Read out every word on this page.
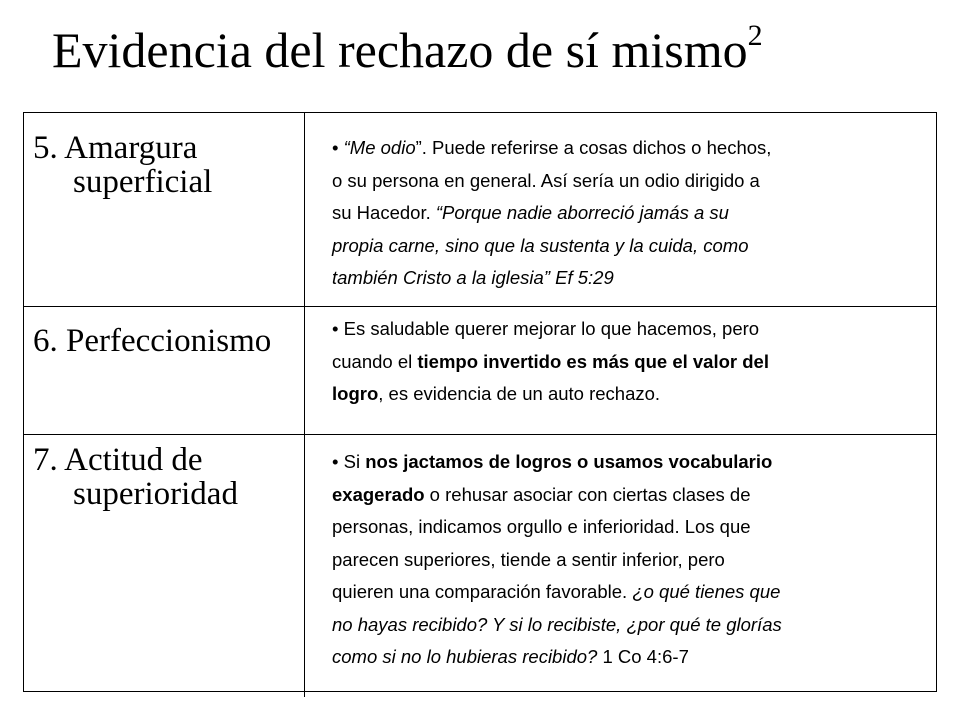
Evidencia del rechazo de sí mismo$^2$
5. Amargura
superficial
6. Perfeccionismo
7. Actitud de
superioridad
• “Me odio”. Puede referirse a cosas dichos o hechos,
o su persona en general. Así sería un odio dirigido a
su Hacedor. “Porque nadie aborreció jamás a su
propia carne, sino que la sustenta y la cuida, como
también Cristo a la iglesia” Ef 5:29
• Es saludable querer mejorar lo que hacemos, pero
cuando el tiempo invertido es más que el valor del
logro, es evidencia de un auto rechazo.
• Si nos jactamos de logros o usamos vocabulario
exagerado o rehusar asociar con ciertas clases de
personas, indicamos orgullo e inferioridad. Los que
parecen superiores, tiende a sentir inferior, pero
quieren una comparación favorable. ¿o qué tienes que
no hayas recibido? Y si lo recibiste, ¿por qué te glorías
como si no lo hubieras recibido? 1 Co 4:6-7
